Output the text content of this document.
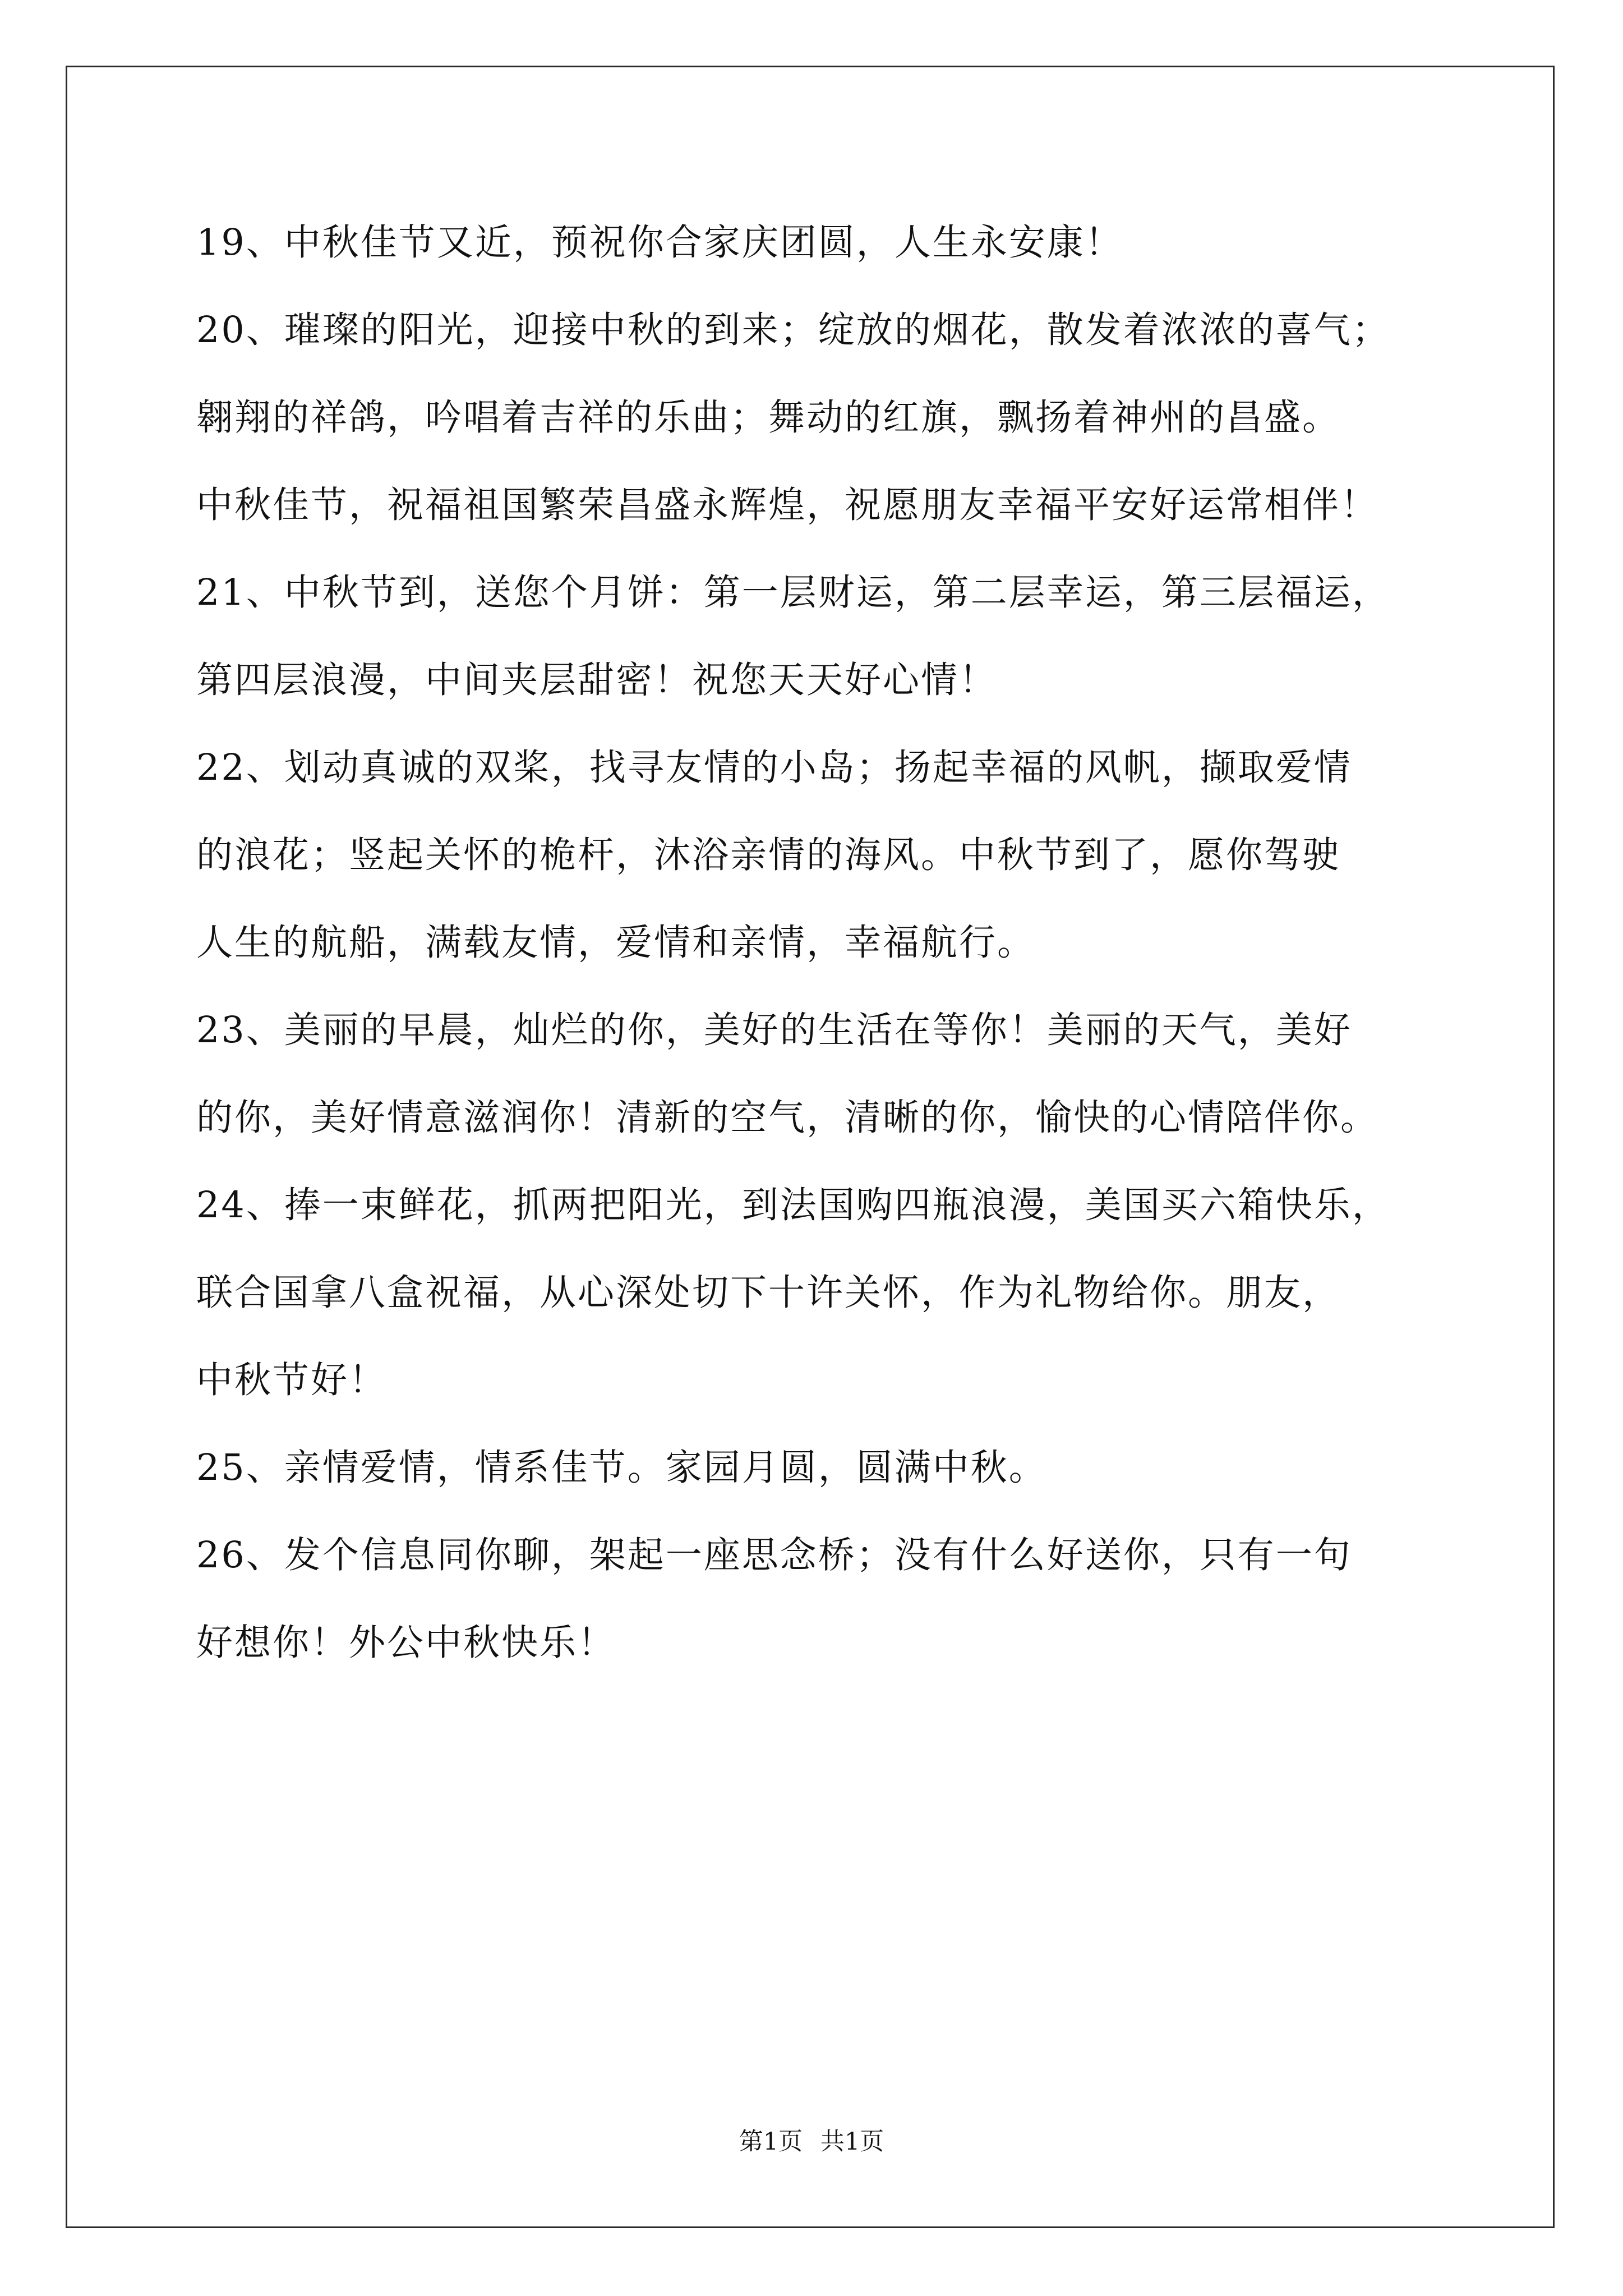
19、中秋佳节又近，预祝你合家庆团圆，人生永安康！
20、璀璨的阳光，迎接中秋的到来；绽放的烟花，散发着浓浓的喜气；
翱翔的祥鸽，吟唱着吉祥的乐曲；舞动的红旗，飘扬着神州的昌盛。
中秋佳节，祝福祖国繁荣昌盛永辉煌，祝愿朋友幸福平安好运常相伴！
21、中秋节到，送您个月饼：第一层财运，第二层幸运，第三层福运，
第四层浪漫，中间夹层甜密！祝您天天好心情！
22、划动真诚的双桨，找寻友情的小岛；扬起幸福的风帆，撷取爱情
的浪花；竖起关怀的桅杆，沐浴亲情的海风。中秋节到了，愿你驾驶
人生的航船，满载友情，爱情和亲情，幸福航行。
23、美丽的早晨，灿烂的你，美好的生活在等你！美丽的天气，美好
的你，美好情意滋润你！清新的空气，清晰的你，愉快的心情陪伴你。
24、捧一束鲜花，抓两把阳光，到法国购四瓶浪漫，美国买六箱快乐，
联合国拿八盒祝福，从心深处切下十许关怀，作为礼物给你。朋友，
中秋节好！
25、亲情爱情，情系佳节。家园月圆，圆满中秋。
26、发个信息同你聊，架起一座思念桥；没有什么好送你，只有一句
好想你！外公中秋快乐！
第1页 共1页
